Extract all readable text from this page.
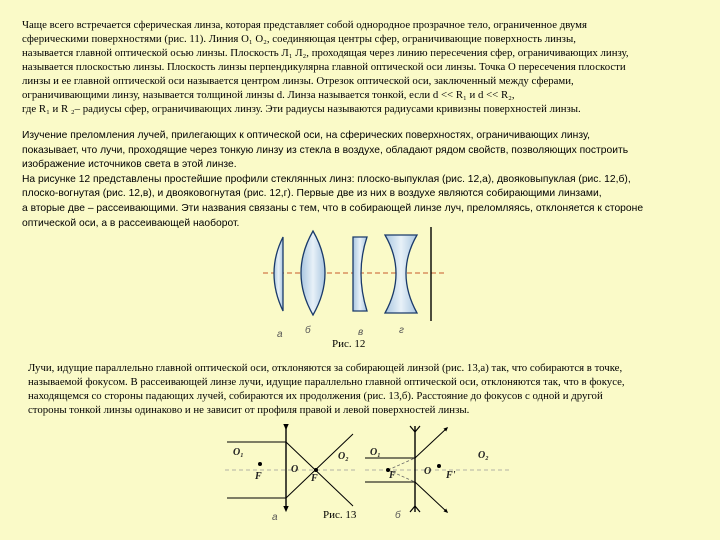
Чаще всего встречается сферическая линза, которая представляет собой однородное прозрачное тело, ограниченное двумя
сферическими поверхностями (рис. 11). Линия О₁ О₂, соединяющая центры сфер, ограничивающие поверхность линзы,
называется главной оптической осью линзы. Плоскость Л₁ Л₂, проходящая через линию пересечения сфер, ограничивающих линзу,
называется плоскостью линзы. Плоскость линзы перпендикулярна главной оптической оси линзы. Точка О пересечения плоскости
линзы и ее главной оптической оси называется центром линзы. Отрезок оптической оси, заключенный между сферами,
ограничивающими линзу, называется толщиной линзы d. Линза называется тонкой, если d << R₁ и d << R₂,
где R₁ и R ₂– радиусы сфер, ограничивающих линзу. Эти радиусы называются радиусами кривизны поверхностей линзы.
Изучение преломления лучей, прилегающих к оптической оси, на сферических поверхностях, ограничивающих линзу,
показывает, что лучи, проходящие через тонкую линзу из стекла в воздухе, обладают рядом свойств, позволяющих построить
изображение источников света в этой линзе.
На рисунке 12 представлены простейшие профили стеклянных линз: плоско-выпуклая (рис. 12,а), двояковыпуклая (рис. 12,б),
плоско-вогнутая (рис. 12,в), и двояковогнутая (рис. 12,г). Первые две из них в воздухе являются собирающими линзами,
а вторые две – рассеивающими. Эти названия связаны с тем, что в собирающей линзе луч, преломляясь, отклоняется к стороне
оптической оси, а в рассеивающей наоборот.
а б	в	г
Рис. 12
Лучи, идущие параллельно главной оптической оси, отклоняются за собирающей линзой (рис. 13,а) так, что собираются в точке,
называемой фокусом. В рассеивающей линзе лучи, идущие параллельно главной оптической оси, отклоняются так, что в фокусе,
находящемся со стороны падающих лучей, собираются их продолжения (рис. 13,б). Расстояние до фокусов с одной и другой
стороны тонкой линзы одинаково и не зависит от профиля правой и левой поверхностей линзы.
O₁
O
O₂
F	F
а
O₁
O
O₂
F	F'
б
Рис. 13
